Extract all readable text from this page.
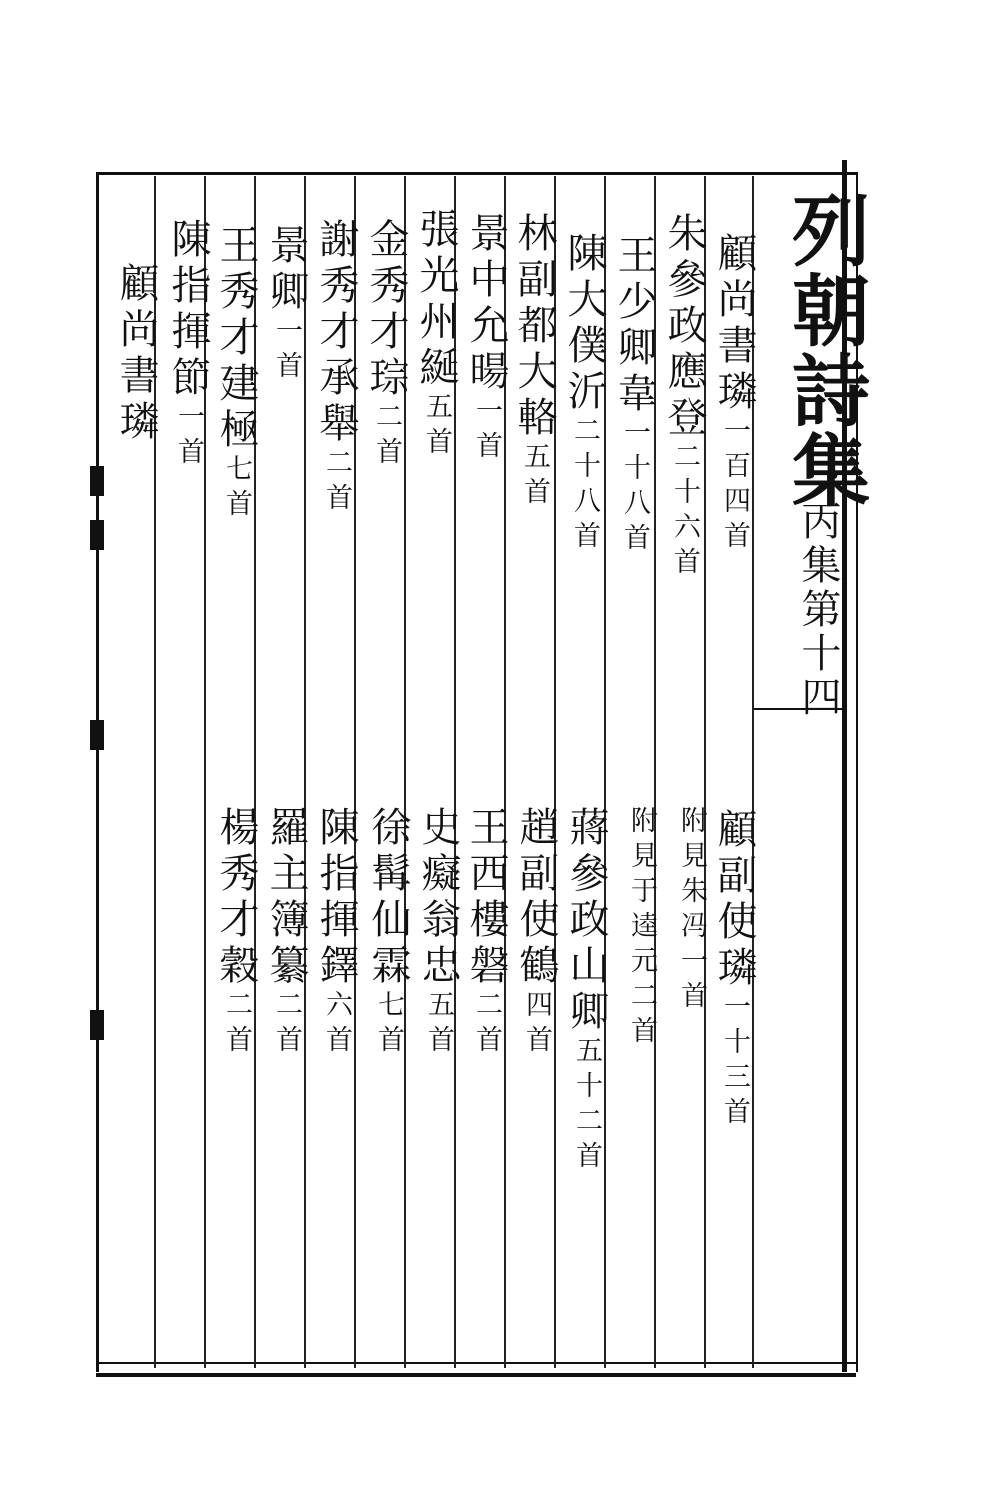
列朝詩集
丙集第十四
顧尚書璘一百四首
朱參政應登二十六首
王少卿韋一十八首
陳大僕沂二十八首
林副都大輅五首
景中允暘一首
張光州綖五首
金秀才琮二首
謝秀才承舉二首
景卿一首
王秀才建極七首
陳指揮節一首
顧尚書璘
顧副使璘一十三首
附見朱冯一首
附見于逵元二首
蔣參政山卿五十二首
趙副使鶴四首
王西樓磐二首
史癡翁忠五首
徐髯仙霖七首
陳指揮鐸六首
羅主簿纂二首
楊秀才穀二首
